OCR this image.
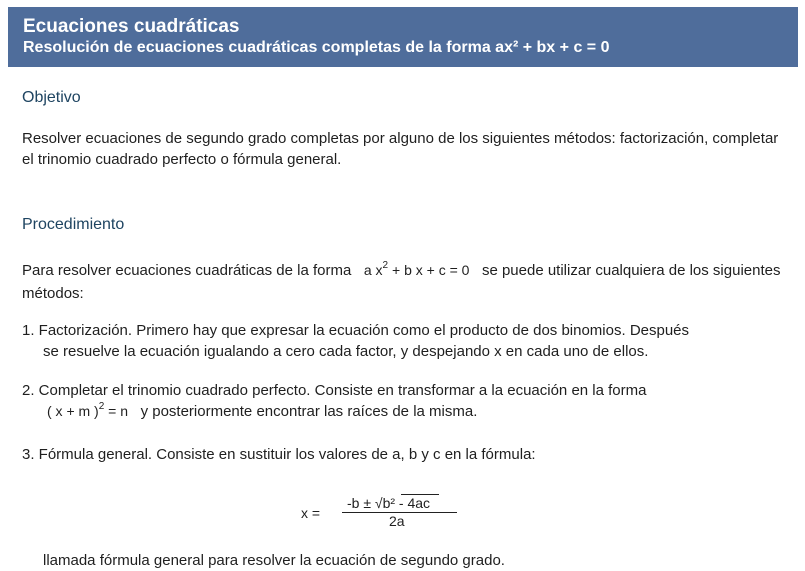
Ecuaciones cuadráticas
Resolución de ecuaciones cuadráticas completas de la forma ax² + bx + c = 0
Objetivo
Resolver ecuaciones de segundo grado completas por alguno de los siguientes métodos: factorización, completar el trinomio cuadrado perfecto o fórmula general.
Procedimiento
Para resolver ecuaciones cuadráticas de la forma a $x^2 + b$ x + c = 0 se puede utilizar cualquiera de los siguientes métodos:
1. Factorización. Primero hay que expresar la ecuación como el producto de dos binomios. Después
se resuelve la ecuación igualando a cero cada factor, y despejando x en cada uno de ellos.
2. Completar el trinomio cuadrado perfecto. Consiste en transformar a la ecuación en la forma
( x + m )$^2$ = n y posteriormente encontrar las raíces de la misma.
3. Fórmula general. Consiste en sustituir los valores de a, b y c en la fórmula:
x =
-b ± √b² - 4ac
2a
llamada fórmula general para resolver la ecuación de segundo grado.
